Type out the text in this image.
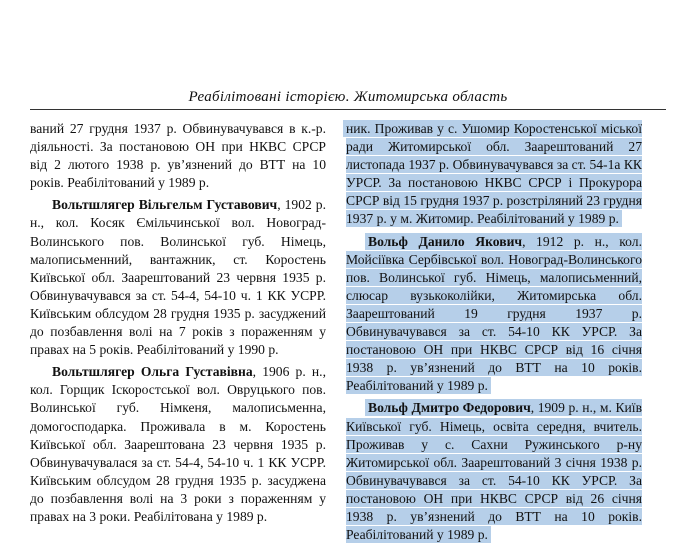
Реабілітовані історією. Житомирська область

ваний 27 грудня 1937 р. Обвинувачувався в к.-р. діяльності. За постановою ОН при НКВС СРСР від 2 лютого 1938 р. ув’язнений до ВТТ на 10 років. Реабілітований у 1989 р.

Вольтшлягер Вільгельм Густавович, 1902 р. н., кол. Косяк Ємільчинської вол. Новоград-Волинського пов. Волинської губ. Німець, малописьменний, вантажник, ст. Коростень Київської обл. Заарештований 23 червня 1935 р. Обвинувачувався за ст. 54-4, 54-10 ч. 1 КК УСРР. Київським облсудом 28 грудня 1935 р. засуджений до позбавлення волі на 7 років з пораженням у правах на 5 років. Реабілітований у 1990 р.

Вольтшлягер Ольга Густавівна, 1906 р. н., кол. Горщик Іскоростської вол. Овруцького пов. Волинської губ. Німкеня, малописьменна, домогосподарка. Проживала в м. Коростень Київської обл. Заарештована 23 червня 1935 р. Обвинувачувалася за ст. 54-4, 54-10 ч. 1 КК УСРР. Київським облсудом 28 грудня 1935 р. засуджена до позбавлення волі на 3 роки з пораженням у правах на 3 роки. Реабілітована у 1989 р.

ник. Проживав у с. Ушомир Коростенської міської ради Житомирської обл. Заарештований 27 листопада 1937 р. Обвинувачувався за ст. 54-1а КК УРСР. За постановою НКВС СРСР і Прокурора СРСР від 15 грудня 1937 р. розстріляний 23 грудня 1937 р. у м. Житомир. Реабілітований у 1989 р.

Вольф Данило Якович, 1912 р. н., кол. Мойсіївка Сербівської вол. Новоград-Волинського пов. Волинської губ. Німець, малописьменний, слюсар вузькоколійки, Житомирська обл. Заарештований 19 грудня 1937 р. Обвинувачувався за ст. 54-10 КК УРСР. За постановою ОН при НКВС СРСР від 16 січня 1938 р. ув’язнений до ВТТ на 10 років. Реабілітований у 1989 р.

Вольф Дмитро Федорович, 1909 р. н., м. Київ Київської губ. Німець, освіта середня, вчитель. Проживав у с. Сахни Ружинського р-ну Житомирської обл. Заарештований 3 січня 1938 р. Обвинувачувався за ст. 54-10 КК УРСР. За постановою ОН при НКВС СРСР від 26 січня 1938 р. ув’язнений до ВТТ на 10 років. Реабілітований у 1989 р.
